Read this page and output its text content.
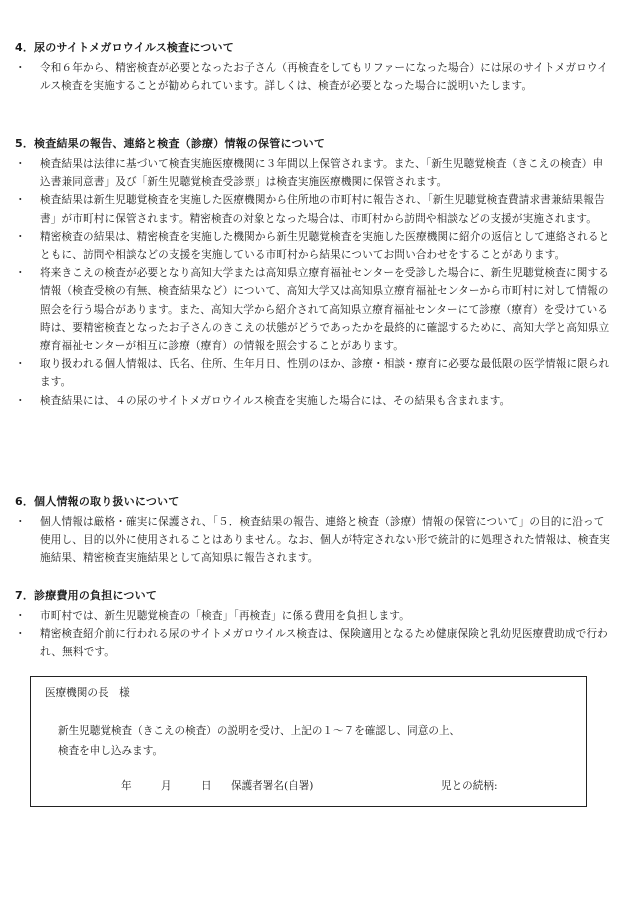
4．尿のサイトメガロウイルス検査について
・ 令和６年から、精密検査が必要となったお子さん（再検査をしてもリファーになった場合）には尿のサイトメガロウイルス検査を実施することが勧められています。詳しくは、検査が必要となった場合に説明いたします。
5．検査結果の報告、連絡と検査（診療）情報の保管について
・ 検査結果は法律に基づいて検査実施医療機関に３年間以上保管されます。また、「新生児聴覚検査（きこえの検査）申込書兼同意書」及び「新生児聴覚検査受診票」は検査実施医療機関に保管されます。
・ 検査結果は新生児聴覚検査を実施した医療機関から住所地の市町村に報告され、「新生児聴覚検査費請求書兼結果報告書」が市町村に保管されます。精密検査の対象となった場合は、市町村から訪問や相談などの支援が実施されます。
・ 精密検査の結果は、精密検査を実施した機関から新生児聴覚検査を実施した医療機関に紹介の返信として連絡されるとともに、訪問や相談などの支援を実施している市町村から結果についてお問い合わせをすることがあります。
・ 将来きこえの検査が必要となり高知大学または高知県立療育福祉センターを受診した場合に、新生児聴覚検査に関する情報（検査受検の有無、検査結果など）について、高知大学又は高知県立療育福祉センターから市町村に対して情報の照会を行う場合があります。また、高知大学から紹介されて高知県立療育福祉センターにて診療（療育）を受けている時は、要精密検査となったお子さんのきこえの状態がどうであったかを最終的に確認するために、高知大学と高知県立療育福祉センターが相互に診療（療育）の情報を照会することがあります。
・ 取り扱われる個人情報は、氏名、住所、生年月日、性別のほか、診療・相談・療育に必要な最低限の医学情報に限られます。
・ 検査結果には、４の尿のサイトメガロウイルス検査を実施した場合には、その結果も含まれます。
6．個人情報の取り扱いについて
・ 個人情報は厳格・確実に保護され、「５．検査結果の報告、連絡と検査（診療）情報の保管について」の目的に沿って使用し、目的以外に使用されることはありません。なお、個人が特定されない形で統計的に処理された情報は、検査実施結果、精密検査実施結果として高知県に報告されます。
7．診療費用の負担について
・ 市町村では、新生児聴覚検査の「検査」「再検査」に係る費用を負担します。
・ 精密検査紹介前に行われる尿のサイトメガロウイルス検査は、保険適用となるため健康保険と乳幼児医療費助成で行われ、無料です。
医療機関の長　様
新生児聴覚検査（きこえの検査）の説明を受け、上記の１～７を確認し、同意の上、
検査を申し込みます。
年	月	日 保護者署名(自署)	児との続柄:
